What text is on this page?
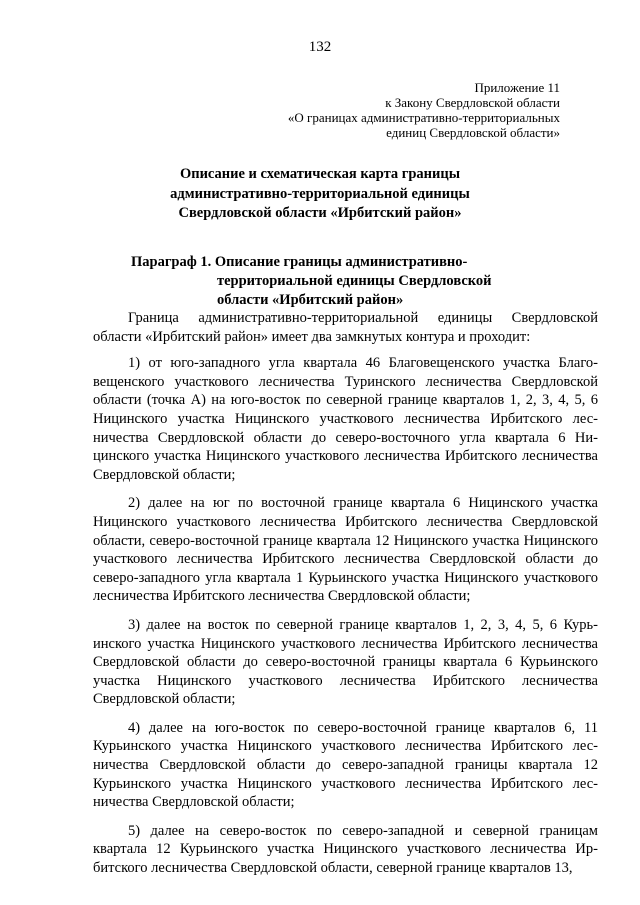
132
Приложение 11
к Закону Свердловской области
«О границах административно-территориальных
единиц Свердловской области»
Описание и схематическая карта границы
административно-территориальной единицы
Свердловской области «Ирбитский район»
Параграф 1. Описание границы административно-
территориальной единицы Свердловской
области «Ирбитский район»

Граница административно-территориальной единицы Свердловской области «Ирбитский район» имеет два замкнутых контура и проходит:

1) от юго-западного угла квартала 46 Благовещенского участка Благовещенского участкового лесничества Туринского лесничества Свердловской области (точка А) на юго-восток по северной границе кварталов 1, 2, 3, 4, 5, 6 Ницинского участка Ницинского участкового лесничества Ирбитского лесничества Свердловской области до северо-восточного угла квартала 6 Ницинского участка Ницинского участкового лесничества Ирбитского лесничества Свердловской области;

2) далее на юг по восточной границе квартала 6 Ницинского участка Ницинского участкового лесничества Ирбитского лесничества Свердловской области, северо-восточной границе квартала 12 Ницинского участка Ницинского участкового лесничества Ирбитского лесничества Свердловской области до северо-западного угла квартала 1 Курьинского участка Ницинского участкового лесничества Ирбитского лесничества Свердловской области;

3) далее на восток по северной границе кварталов 1, 2, 3, 4, 5, 6 Курьинского участка Ницинского участкового лесничества Ирбитского лесничества Свердловской области до северо-восточной границы квартала 6 Курьинского участка Ницинского участкового лесничества Ирбитского лесничества Свердловской области;

4) далее на юго-восток по северо-восточной границе кварталов 6, 11 Курьинского участка Ницинского участкового лесничества Ирбитского лесничества Свердловской области до северо-западной границы квартала 12 Курьинского участка Ницинского участкового лесничества Ирбитского лесничества Свердловской области;

5) далее на северо-восток по северо-западной и северной границам квартала 12 Курьинского участка Ницинского участкового лесничества Ирбитского лесничества Свердловской области, северной границе кварталов 13,
